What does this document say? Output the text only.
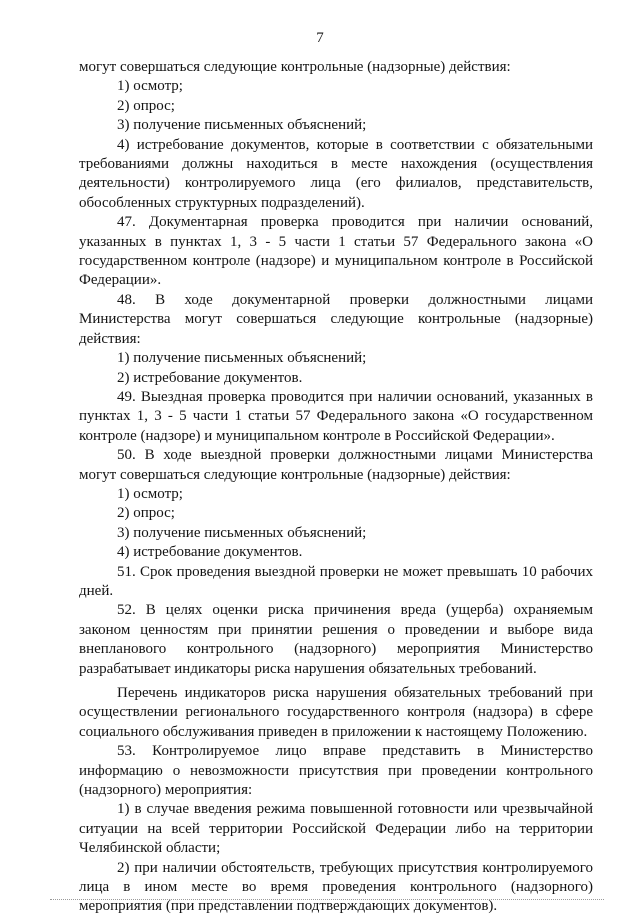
7

могут совершаться следующие контрольные (надзорные) действия:

1) осмотр;

2) опрос;

3) получение письменных объяснений;

4) истребование документов, которые в соответствии с обязательными требованиями должны находиться в месте нахождения (осуществления деятельности) контролируемого лица (его филиалов, представительств, обособленных структурных подразделений).

47. Документарная проверка проводится при наличии оснований, указанных в пунктах 1, 3 - 5 части 1 статьи 57 Федерального закона «О государственном контроле (надзоре) и муниципальном контроле в Российской Федерации».

48. В ходе документарной проверки должностными лицами Министерства могут совершаться следующие контрольные (надзорные) действия:

1) получение письменных объяснений;

2) истребование документов.

49. Выездная проверка проводится при наличии оснований, указанных в пунктах 1, 3 - 5 части 1 статьи 57 Федерального закона «О государственном контроле (надзоре) и муниципальном контроле в Российской Федерации».

50. В ходе выездной проверки должностными лицами Министерства могут совершаться следующие контрольные (надзорные) действия:

1) осмотр;

2) опрос;

3) получение письменных объяснений;

4) истребование документов.

51. Срок проведения выездной проверки не может превышать 10 рабочих дней.

52. В целях оценки риска причинения вреда (ущерба) охраняемым законом ценностям при принятии решения о проведении и выборе вида внепланового контрольного (надзорного) мероприятия Министерство разрабатывает индикаторы риска нарушения обязательных требований.

Перечень индикаторов риска нарушения обязательных требований при осуществлении регионального государственного контроля (надзора) в сфере социального обслуживания приведен в приложении к настоящему Положению.

53. Контролируемое лицо вправе представить в Министерство информацию о невозможности присутствия при проведении контрольного (надзорного) мероприятия:

1) в случае введения режима повышенной готовности или чрезвычайной ситуации на всей территории Российской Федерации либо на территории Челябинской области;

2) при наличии обстоятельств, требующих присутствия контролируемого лица в ином месте во время проведения контрольного (надзорного) мероприятия (при представлении подтверждающих документов).
